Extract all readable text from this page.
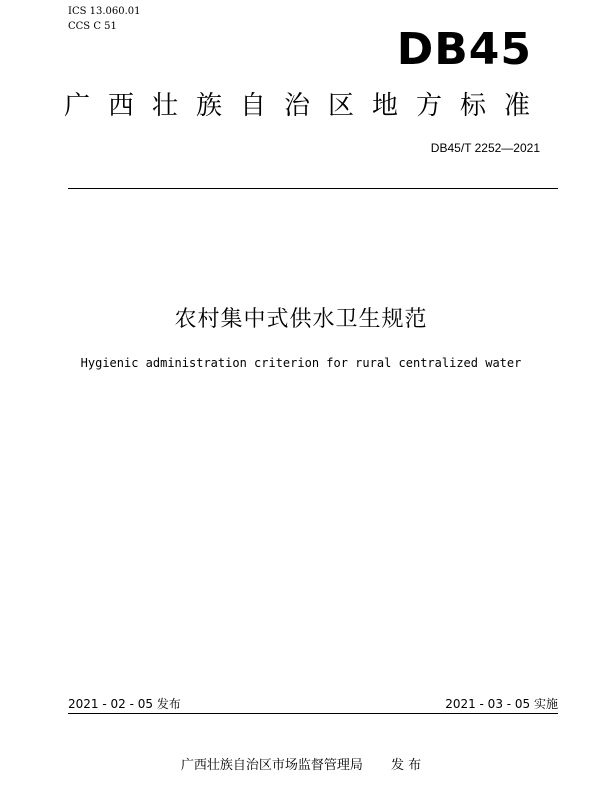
ICS 13.060.01
CCS C 51	DB45
广西壮族自治区地方标准
DB45/T 2252—2021
农村集中式供水卫生规范
Hygienic administration criterion for rural centralized water
2021 - 02 - 05 发布	2021 - 03 - 05 实施
广西壮族自治区市场监督管理局 发 布
